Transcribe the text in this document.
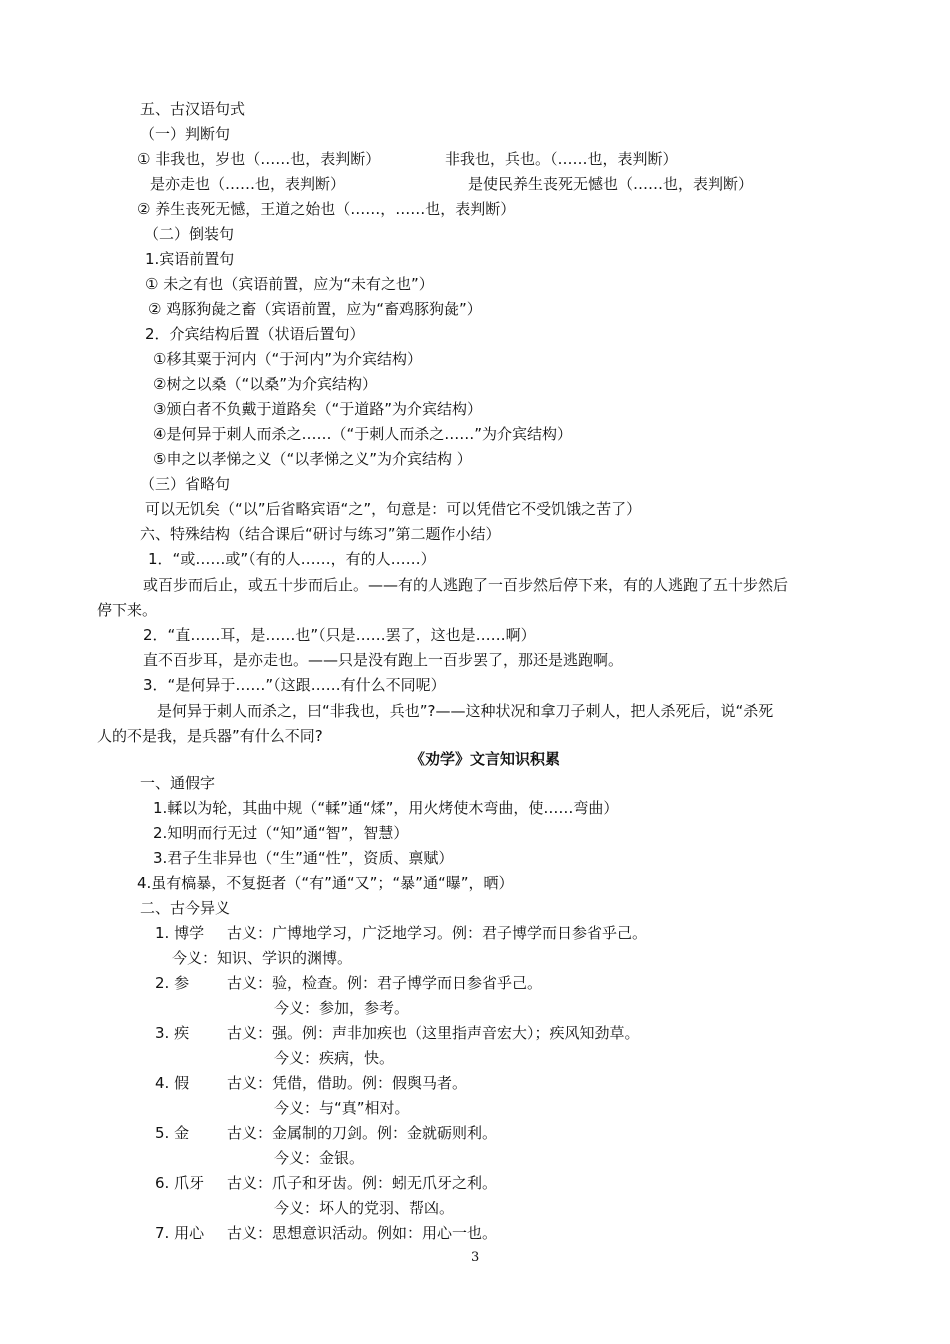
五、古汉语句式
（一）判断句
① 非我也，岁也（……也，表判断）	非我也，兵也。（……也，表判断）
是亦走也（……也，表判断）	是使民养生丧死无憾也（……也，表判断）
② 养生丧死无憾，王道之始也（……，……也，表判断）
（二）倒装句
1.宾语前置句
① 未之有也（宾语前置，应为“未有之也”）
② 鸡豚狗彘之畜（宾语前置，应为“畜鸡豚狗彘”）
2．介宾结构后置（状语后置句）
①移其粟于河内（“于河内”为介宾结构）
②树之以桑（“以桑”为介宾结构）
③颁白者不负戴于道路矣（“于道路”为介宾结构）
④是何异于刺人而杀之……（“于刺人而杀之……”为介宾结构）
⑤申之以孝悌之义（“以孝悌之义”为介宾结构 ）
（三）省略句
可以无饥矣（“以”后省略宾语“之”，句意是：可以凭借它不受饥饿之苦了）
六、特殊结构（结合课后“研讨与练习”第二题作小结）
1．“或……或”（有的人……，有的人……）
或百步而后止，或五十步而后止。——有的人逃跑了一百步然后停下来，有的人逃跑了五十步然后
停下来。
2．“直……耳，是……也”（只是……罢了，这也是……啊）
直不百步耳，是亦走也。——只是没有跑上一百步罢了，那还是逃跑啊。
3．“是何异于……”（这跟……有什么不同呢）
是何异于刺人而杀之，曰“非我也，兵也”?——这种状况和拿刀子刺人，把人杀死后，说“杀死
人的不是我，是兵器”有什么不同?
《劝学》文言知识积累
一、通假字
1.輮以为轮，其曲中规（“輮”通“煣”，用火烤使木弯曲，使……弯曲）
2.知明而行无过（“知”通“智”，智慧）
3.君子生非异也（“生”通“性”，资质、禀赋）
4.虽有槁暴，不复挺者（“有”通“又”；“暴”通“曝”，晒）
二、古今异义
1. 博学 古义：广博地学习，广泛地学习。例：君子博学而日参省乎己。
今义：知识、学识的渊博。
2. 参	古义：验，检查。例：君子博学而日参省乎己。
今义：参加，参考。
3. 疾	古义：强。例：声非加疾也（这里指声音宏大）；疾风知劲草。
今义：疾病，快。
4. 假	古义：凭借，借助。例：假舆马者。
今义：与“真”相对。
5. 金	古义：金属制的刀剑。例：金就砺则利。
今义：金银。
6. 爪牙 古义：爪子和牙齿。例：蚓无爪牙之利。
今义：坏人的党羽、帮凶。
7. 用心 古义：思想意识活动。例如：用心一也。
3
